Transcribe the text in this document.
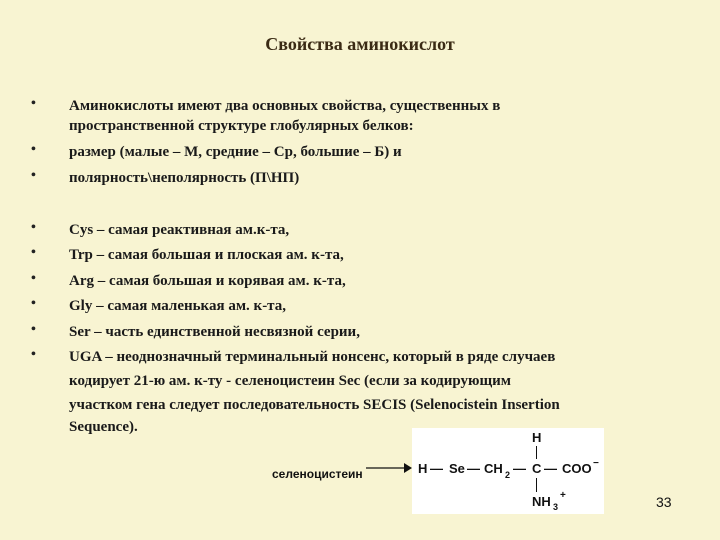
Свойства аминокислот
• Аминокислоты имеют два основных свойства, существенных в
пространственной структуре глобулярных белков:
• размер (малые – М, средние – Ср, большие – Б) и
• полярность\неполярность (П\НП)
• Cys – самая реактивная ам.к-та,
• Trp – самая большая и плоская ам. к-та,
• Arg – самая большая и корявая ам. к-та,
• Gly – самая маленькая ам. к-та,
• Ser – часть единственной несвязной серии,
• UGA – неоднозначный терминальный нонсенс, который в ряде случаев
кодирует 21-ю ам. к-ту - селеноцистеин Sec (если за кодирующим
участком гена следует последовательность SECIS (Selenocistein Insertion
Sequence).
селеноцистеин
H
H — Se — CH 2 — C — COO −
NH 3
+	33
